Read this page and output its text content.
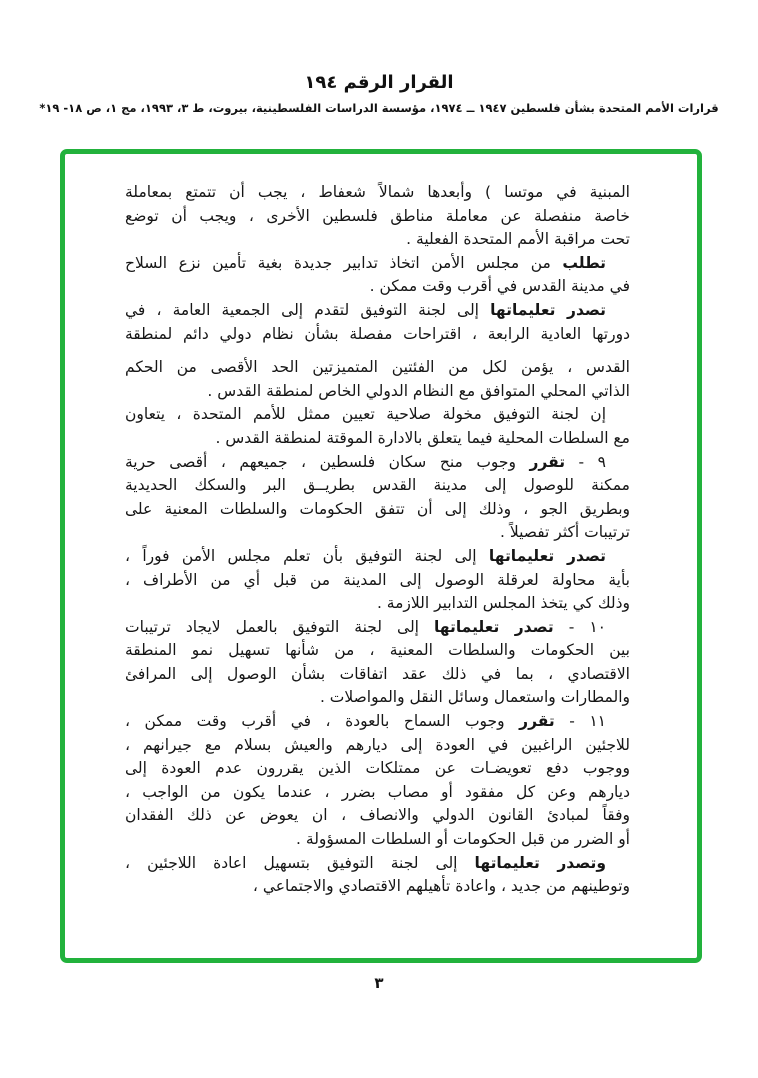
القرار الرقم ١٩٤
قرارات الأمم المتحدة بشأن فلسطين ١٩٤٧ ــ ١٩٧٤، مؤسسة الدراسات الفلسطينية، بيروت، ط ٣، ١٩٩٣، مج ١، ص ١٨- ١٩*
المبنية في موتسا ) وأبعدها شمالاً شعفاط ، يجب أن تتمتع بمعاملة
خاصة منفصلة عن معاملة مناطق فلسطين الأخرى ، ويجب أن توضع
تحت مراقبة الأمم المتحدة الفعلية .
تطلب من مجلس الأمن اتخاذ تدابير جديدة بغية تأمين نزع السلاح
في مدينة القدس في أقرب وقت ممكن .
تصدر تعليماتها إلى لجنة التوفيق لتقدم إلى الجمعية العامة ، في
دورتها العادية الرابعة ، اقتراحات مفصلة بشأن نظام دولي دائم لمنطقة
القدس ، يؤمن لكل من الفئتين المتميزتين الحد الأقصى من الحكم
الذاتي المحلي المتوافق مع النظام الدولي الخاص لمنطقة القدس .
إن لجنة التوفيق مخولة صلاحية تعيين ممثل للأمم المتحدة ، يتعاون
مع السلطات المحلية فيما يتعلق بالادارة الموقتة لمنطقة القدس .
٩ - تقرر وجوب منح سكان فلسطين ، جميعهم ، أقصى حرية
ممكنة للوصول إلى مدينة القدس بطريــق البر والسكك الحديدية
وبطريق الجو ، وذلك إلى أن تتفق الحكومات والسلطات المعنية على
ترتيبات أكثر تفصيلاً .
تصدر تعليماتها إلى لجنة التوفيق بأن تعلم مجلس الأمن فوراً ،
بأية محاولة لعرقلة الوصول إلى المدينة من قبل أي من الأطراف ،
وذلك كي يتخذ المجلس التدابير اللازمة .
١٠ - تصدر تعليماتها إلى لجنة التوفيق بالعمل لايجاد ترتيبات
بين الحكومات والسلطات المعنية ، من شأنها تسهيل نمو المنطقة
الاقتصادي ، بما في ذلك عقد اتفاقات بشأن الوصول إلى المرافئ
والمطارات واستعمال وسائل النقل والمواصلات .
١١ - تقرر وجوب السماح بالعودة ، في أقرب وقت ممكن ،
للاجئين الراغبين في العودة إلى ديارهم والعيش بسلام مع جيرانهم ،
ووجوب دفع تعويضـات عن ممتلكات الذين يقررون عدم العودة إلى
ديارهم وعن كل مفقود أو مصاب بضرر ، عندما يكون من الواجب ،
وفقاً لمبادئ القانون الدولي والانصاف ، ان يعوض عن ذلك الفقدان
أو الضرر من قبل الحكومات أو السلطات المسؤولة .
وتصدر تعليماتها إلى لجنة التوفيق بتسهيل اعادة اللاجئين ،
وتوطينهم من جديد ، واعادة تأهيلهم الاقتصادي والاجتماعي ،
٣
